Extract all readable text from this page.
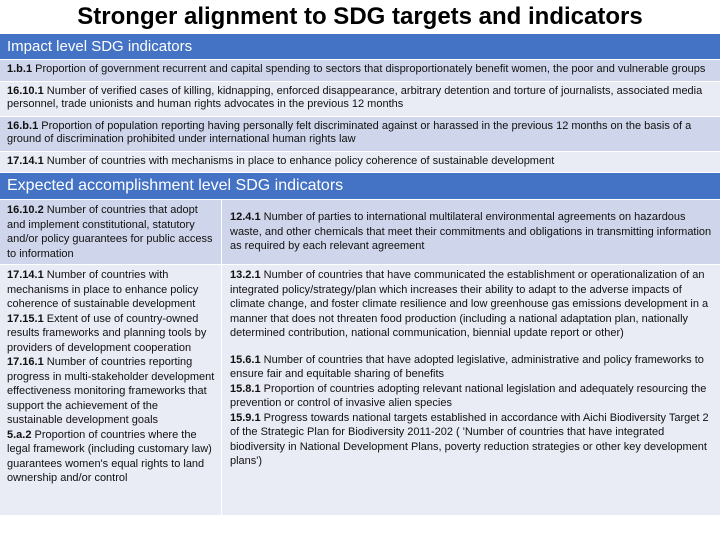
Stronger alignment to SDG targets and indicators
Impact level SDG indicators
1.b.1 Proportion of government recurrent and capital spending to sectors that disproportionately benefit women, the poor and vulnerable groups
16.10.1 Number of verified cases of killing, kidnapping, enforced disappearance, arbitrary detention and torture of journalists, associated media personnel, trade unionists and human rights advocates in the previous 12 months
16.b.1 Proportion of population reporting having personally felt discriminated against or harassed in the previous 12 months on the basis of a ground of discrimination prohibited under international human rights law
17.14.1 Number of countries with mechanisms in place to enhance policy coherence of sustainable development
Expected accomplishment level SDG indicators
16.10.2 Number of countries that adopt and implement constitutional, statutory and/or policy guarantees for public access to information
12.4.1 Number of parties to international multilateral environmental agreements on hazardous waste, and other chemicals that meet their commitments and obligations in transmitting information as required by each relevant agreement
17.14.1 Number of countries with mechanisms in place to enhance policy coherence of sustainable development
17.15.1 Extent of use of country-owned results frameworks and planning tools by providers of development cooperation
17.16.1 Number of countries reporting progress in multi-stakeholder development effectiveness monitoring frameworks that support the achievement of the sustainable development goals
5.a.2 Proportion of countries where the legal framework (including customary law) guarantees women's equal rights to land ownership and/or control
13.2.1 Number of countries that have communicated the establishment or operationalization of an integrated policy/strategy/plan which increases their ability to adapt to the adverse impacts of climate change, and foster climate resilience and low greenhouse gas emissions development in a manner that does not threaten food production (including a national adaptation plan, nationally determined contribution, national communication, biennial update report or other)
15.6.1 Number of countries that have adopted legislative, administrative and policy frameworks to ensure fair and equitable sharing of benefits
15.8.1 Proportion of countries adopting relevant national legislation and adequately resourcing the prevention or control of invasive alien species
15.9.1 Progress towards national targets established in accordance with Aichi Biodiversity Target 2 of the Strategic Plan for Biodiversity 2011-202 ( 'Number of countries that have integrated biodiversity in National Development Plans, poverty reduction strategies or other key development plans')
